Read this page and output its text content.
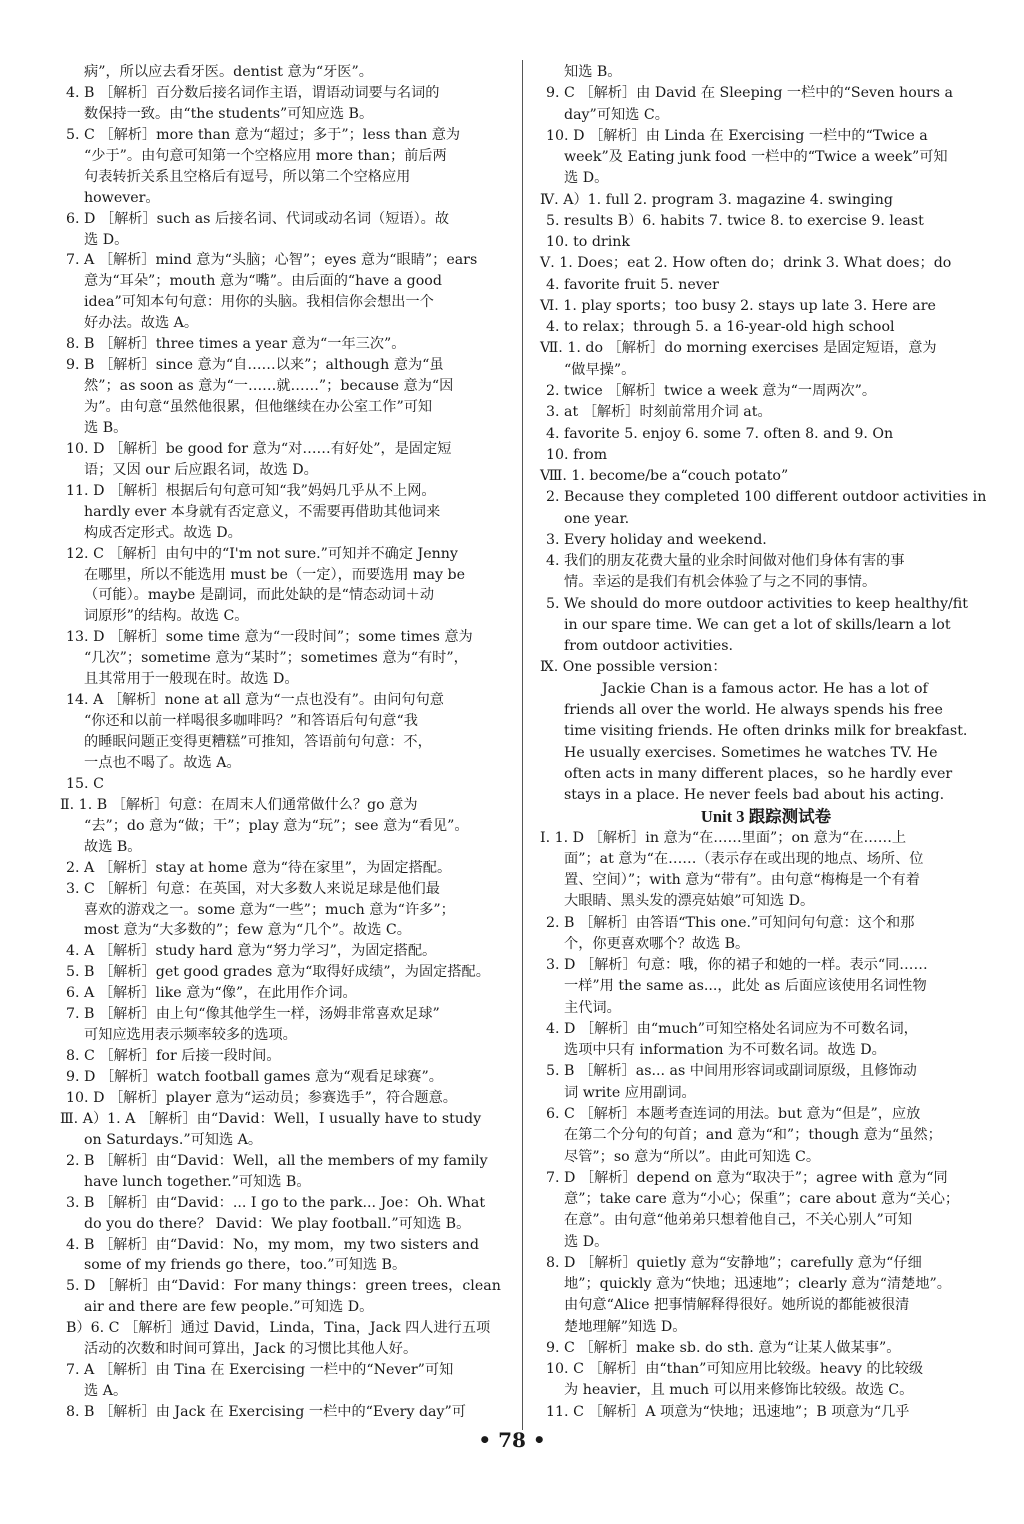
病”，所以应去看牙医。dentist 意为“牙医”。
4. B ［解析］百分数后接名词作主语，谓语动词要与名词的
数保持一致。由“the students”可知应选 B。
5. C ［解析］more than 意为“超过；多于”；less than 意为
“少于”。由句意可知第一个空格应用 more than；前后两
句表转折关系且空格后有逗号，所以第二个空格应用
however。
6. D ［解析］such as 后接名词、代词或动名词（短语）。故
选 D。
7. A ［解析］mind 意为“头脑；心智”；eyes 意为“眼睛”；ears
意为“耳朵”；mouth 意为“嘴”。由后面的“have a good
idea”可知本句句意：用你的头脑。我相信你会想出一个
好办法。故选 A。
8. B ［解析］three times a year 意为“一年三次”。
9. B ［解析］since 意为“自……以来”；although 意为“虽
然”；as soon as 意为“一……就……”；because 意为“因
为”。由句意“虽然他很累，但他继续在办公室工作”可知
选 B。
10. D ［解析］be good for 意为“对……有好处”，是固定短
语；又因 our 后应跟名词，故选 D。
11. D ［解析］根据后句句意可知“我”妈妈几乎从不上网。
hardly ever 本身就有否定意义，不需要再借助其他词来
构成否定形式。故选 D。
12. C ［解析］由句中的“I'm not sure.”可知并不确定 Jenny
在哪里，所以不能选用 must be（一定），而要选用 may be
（可能）。maybe 是副词，而此处缺的是“情态动词＋动
词原形”的结构。故选 C。
13. D ［解析］some time 意为“一段时间”；some times 意为
“几次”；sometime 意为“某时”；sometimes 意为“有时”，
且其常用于一般现在时。故选 D。
14. A ［解析］none at all 意为“一点也没有”。由问句句意
“你还和以前一样喝很多咖啡吗？”和答语后句句意“我
的睡眠问题正变得更糟糕”可推知，答语前句句意：不，
一点也不喝了。故选 A。
15. C
Ⅱ. 1. B ［解析］句意：在周末人们通常做什么？go 意为
“去”；do 意为“做；干”；play 意为“玩”；see 意为“看见”。
故选 B。
2. A ［解析］stay at home 意为“待在家里”，为固定搭配。
3. C ［解析］句意：在英国，对大多数人来说足球是他们最
喜欢的游戏之一。some 意为“一些”；much 意为“许多”；
most 意为“大多数的”；few 意为“几个”。故选 C。
4. A ［解析］study hard 意为“努力学习”，为固定搭配。
5. B ［解析］get good grades 意为“取得好成绩”，为固定搭配。
6. A ［解析］like 意为“像”，在此用作介词。
7. B ［解析］由上句“像其他学生一样，汤姆非常喜欢足球”
可知应选用表示频率较多的选项。
8. C ［解析］for 后接一段时间。
9. D ［解析］watch football games 意为“观看足球赛”。
10. D ［解析］player 意为“运动员；参赛选手”，符合题意。
Ⅲ. A）1. A ［解析］由“David：Well，I usually have to study
on Saturdays.”可知选 A。
2. B ［解析］由“David：Well，all the members of my family
have lunch together.”可知选 B。
3. B ［解析］由“David：... I go to the park... Joe：Oh. What
do you do there？ David：We play football.”可知选 B。
4. B ［解析］由“David：No，my mom，my two sisters and
some of my friends go there，too.”可知选 B。
5. D ［解析］由“David：For many things：green trees，clean
air and there are few people.”可知选 D。
B）6. C ［解析］通过 David，Linda，Tina，Jack 四人进行五项
活动的次数和时间可算出，Jack 的习惯比其他人好。
7. A ［解析］由 Tina 在 Exercising 一栏中的“Never”可知
选 A。
8. B ［解析］由 Jack 在 Exercising 一栏中的“Every day”可
知选 B。
9. C ［解析］由 David 在 Sleeping 一栏中的“Seven hours a
day”可知选 C。
10. D ［解析］由 Linda 在 Exercising 一栏中的“Twice a
week”及 Eating junk food 一栏中的“Twice a week”可知
选 D。
Ⅳ. A）1. full 2. program 3. magazine 4. swinging
5. results B）6. habits 7. twice 8. to exercise 9. least
10. to drink
Ⅴ. 1. Does；eat 2. How often do；drink 3. What does；do
4. favorite fruit 5. never
Ⅵ. 1. play sports；too busy 2. stays up late 3. Here are
4. to relax；through 5. a 16-year-old high school
Ⅶ. 1. do ［解析］do morning exercises 是固定短语，意为
“做早操”。
2. twice ［解析］twice a week 意为“一周两次”。
3. at ［解析］时刻前常用介词 at。
4. favorite 5. enjoy 6. some 7. often 8. and 9. On
10. from
Ⅷ. 1. become/be a“couch potato”
2. Because they completed 100 different outdoor activities in
one year.
3. Every holiday and weekend.
4. 我们的朋友花费大量的业余时间做对他们身体有害的事
情。幸运的是我们有机会体验了与之不同的事情。
5. We should do more outdoor activities to keep healthy/fit
in our spare time. We can get a lot of skills/learn a lot
from outdoor activities.
Ⅸ. One possible version：
Jackie Chan is a famous actor. He has a lot of
friends all over the world. He always spends his free
time visiting friends. He often drinks milk for breakfast.
He usually exercises. Sometimes he watches TV. He
often acts in many different places，so he hardly ever
stays in a place. He never feels bad about his acting.
Unit 3 跟踪测试卷
Ⅰ. 1. D ［解析］in 意为“在……里面”；on 意为“在……上
面”；at 意为“在……（表示存在或出现的地点、场所、位
置、空间）”；with 意为“带有”。由句意“梅梅是一个有着
大眼睛、黑头发的漂亮姑娘”可知选 D。
2. B ［解析］由答语“This one.”可知问句句意：这个和那
个，你更喜欢哪个？故选 B。
3. D ［解析］句意：哦，你的裙子和她的一样。表示“同……
一样”用 the same as...，此处 as 后面应该使用名词性物
主代词。
4. D ［解析］由“much”可知空格处名词应为不可数名词，
选项中只有 information 为不可数名词。故选 D。
5. B ［解析］as... as 中间用形容词或副词原级，且修饰动
词 write 应用副词。
6. C ［解析］本题考查连词的用法。but 意为“但是”，应放
在第二个分句的句首；and 意为“和”；though 意为“虽然；
尽管”；so 意为“所以”。由此可知选 C。
7. D ［解析］depend on 意为“取决于”；agree with 意为“同
意”；take care 意为“小心；保重”；care about 意为“关心；
在意”。由句意“他弟弟只想着他自己，不关心别人”可知
选 D。
8. D ［解析］quietly 意为“安静地”；carefully 意为“仔细
地”；quickly 意为“快地；迅速地”；clearly 意为“清楚地”。
由句意“Alice 把事情解释得很好。她所说的都能被很清
楚地理解”知选 D。
9. C ［解析］make sb. do sth. 意为“让某人做某事”。
10. C ［解析］由“than”可知应用比较级。heavy 的比较级
为 heavier，且 much 可以用来修饰比较级。故选 C。
11. C ［解析］A 项意为“快地；迅速地”；B 项意为“几乎
• 78 •
